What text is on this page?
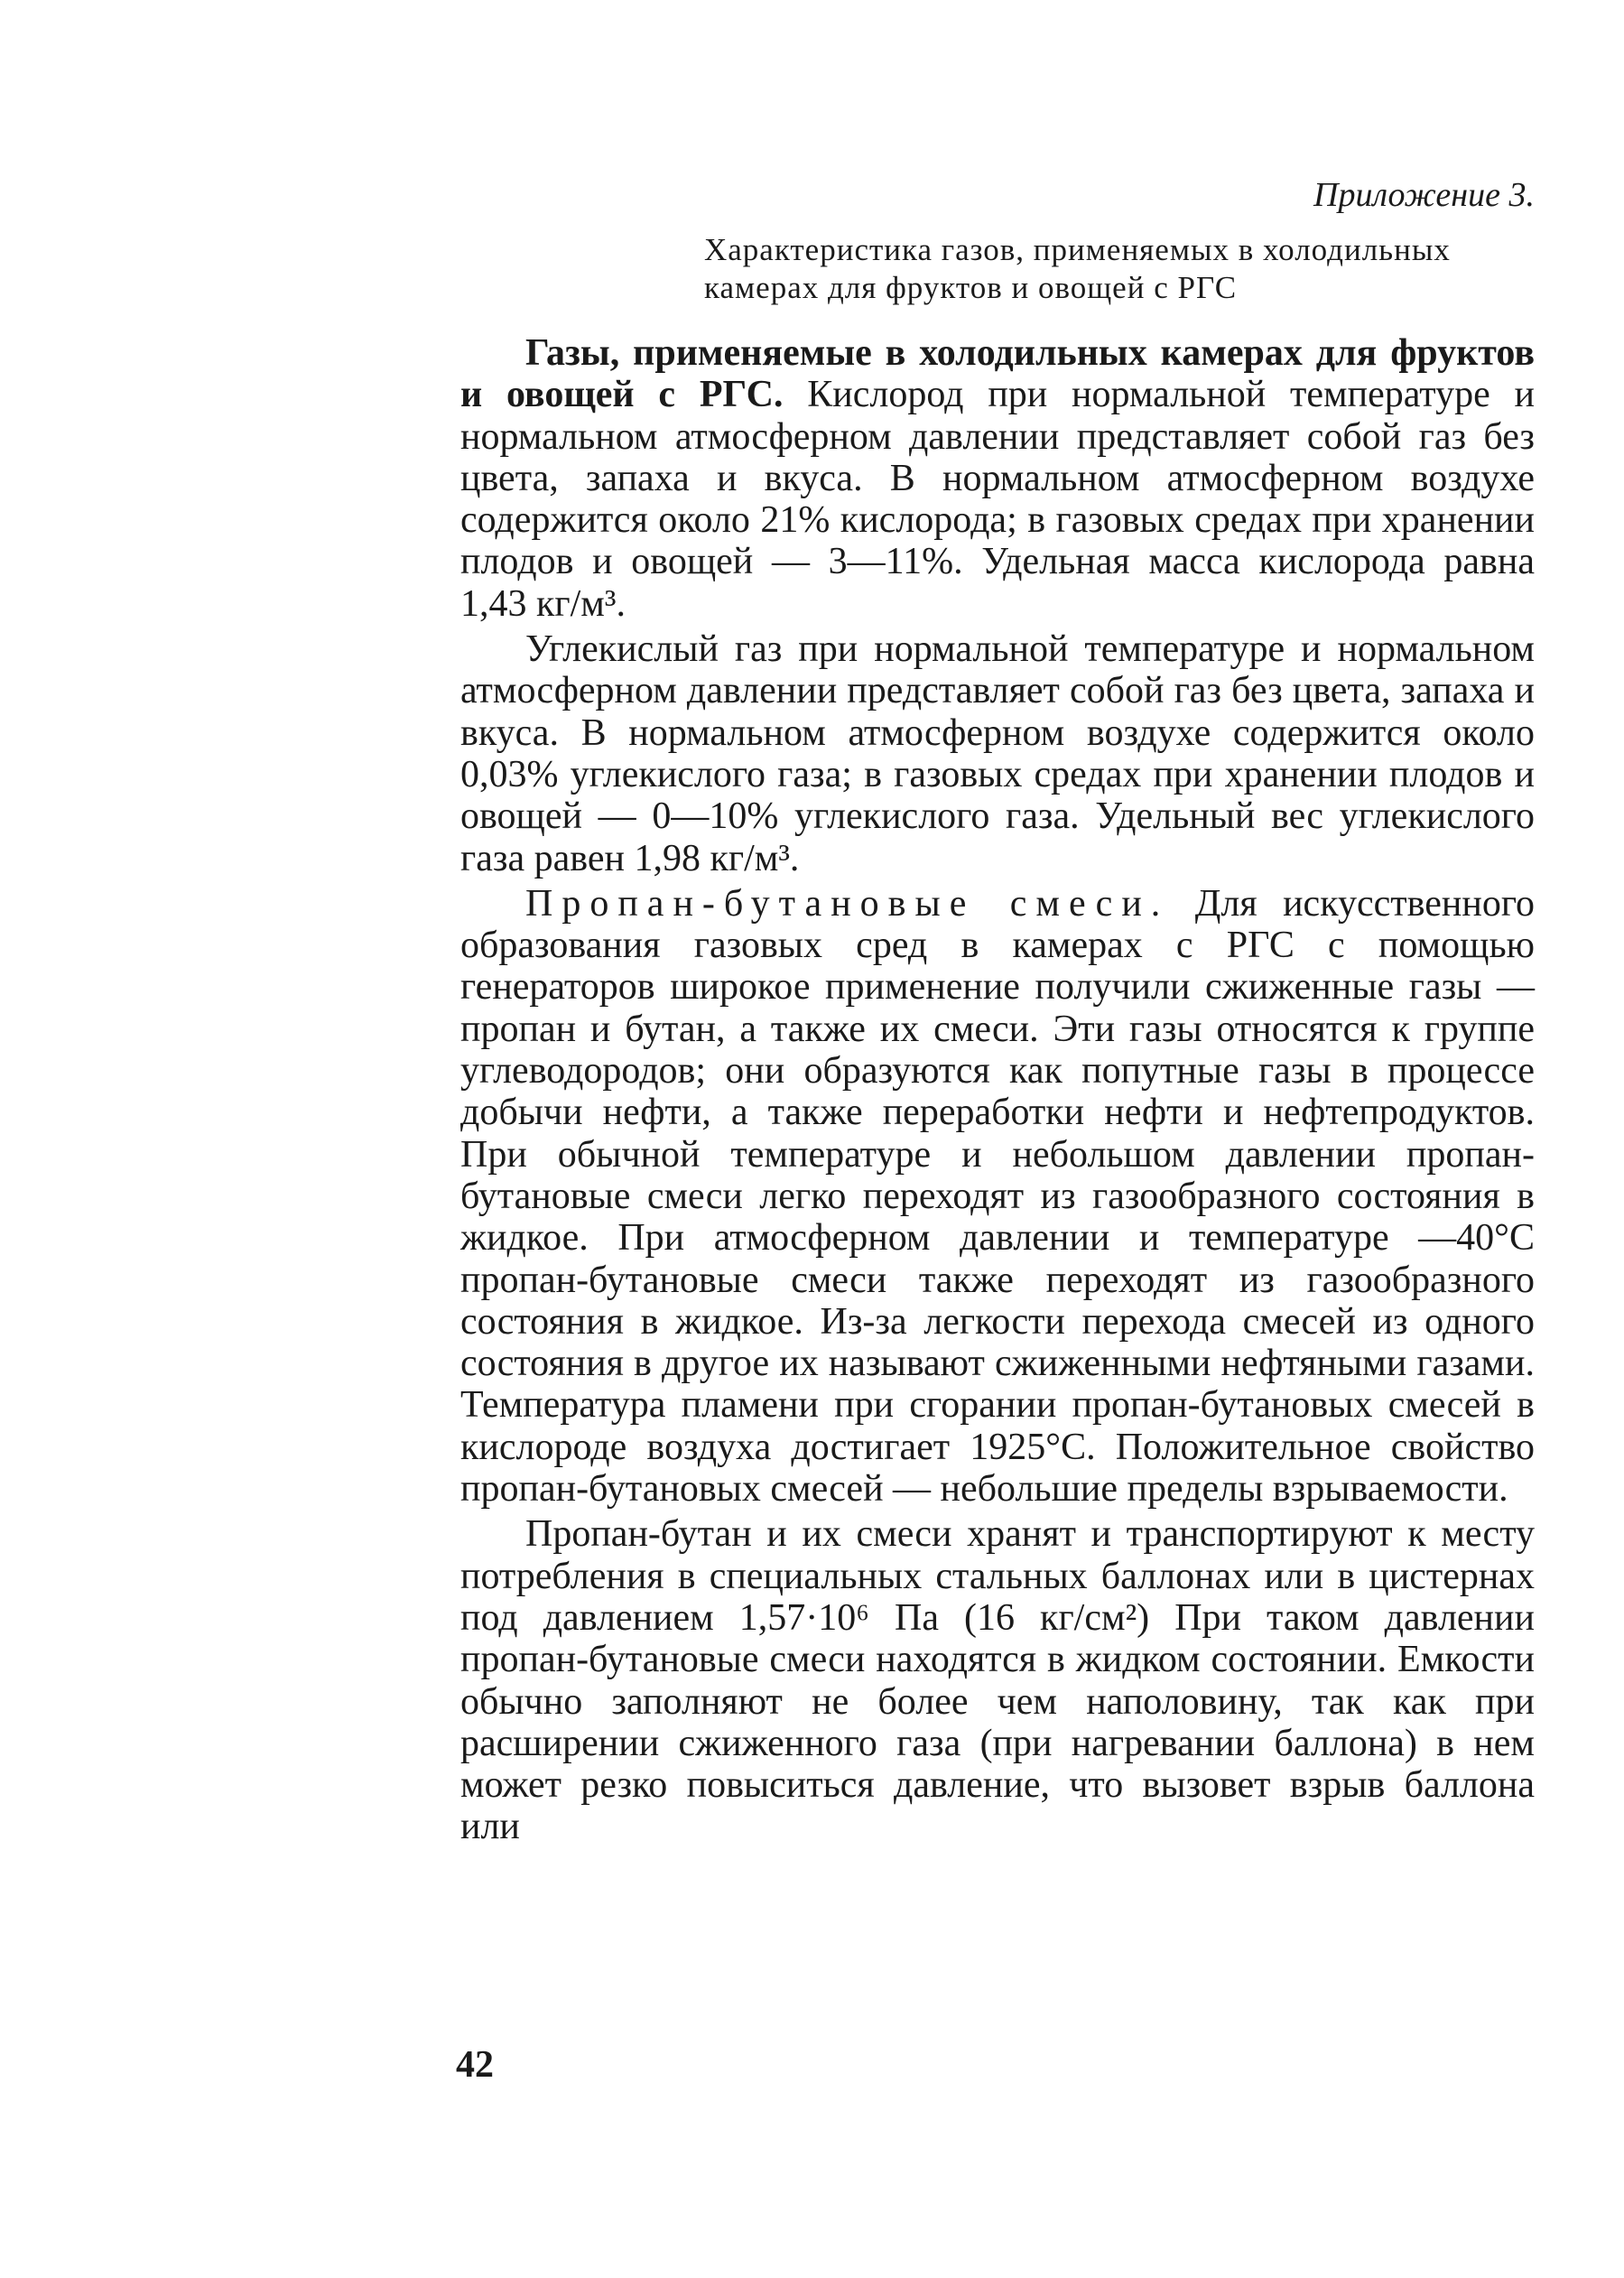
Приложение 3.

Характеристика газов, применяемых в холодильных камерах для фруктов и овощей с РГС

Газы, применяемые в холодильных камерах для фруктов и овощей с РГС. Кислород при нормальной температуре и нормальном атмосферном давлении представляет собой газ без цвета, запаха и вкуса. В нормальном атмосферном воздухе содержится около 21% кислорода; в газовых средах при хранении плодов и овощей — 3—11%. Удельная масса кислорода равна 1,43 кг/м³.

Углекислый газ при нормальной температуре и нормальном атмосферном давлении представляет собой газ без цвета, запаха и вкуса. В нормальном атмосферном воздухе содержится около 0,03% углекислого газа; в газовых средах при хранении плодов и овощей — 0—10% углекислого газа. Удельный вес углекислого газа равен 1,98 кг/м³.

Пропан-бутановые смеси. Для искусственного образования газовых сред в камерах с РГС с помощью генераторов широкое применение получили сжиженные газы — пропан и бутан, а также их смеси. Эти газы относятся к группе углеводородов; они образуются как попутные газы в процессе добычи нефти, а также переработки нефти и нефтепродуктов. При обычной температуре и небольшом давлении пропан-бутановые смеси легко переходят из газообразного состояния в жидкое. При атмосферном давлении и температуре —40°C пропан-бутановые смеси также переходят из газообразного состояния в жидкое. Из-за легкости перехода смесей из одного состояния в другое их называют сжиженными нефтяными газами. Температура пламени при сгорании пропан-бутановых смесей в кислороде воздуха достигает 1925°C. Положительное свойство пропан-бутановых смесей — небольшие пределы взрываемости.

Пропан-бутан и их смеси хранят и транспортируют к месту потребления в специальных стальных баллонах или в цистернах под давлением 1,57·10⁶ Па (16 кг/см²) При таком давлении пропан-бутановые смеси находятся в жидком состоянии. Емкости обычно заполняют не более чем наполовину, так как при расширении сжиженного газа (при нагревании баллона) в нем может резко повыситься давление, что вызовет взрыв баллона или

42
